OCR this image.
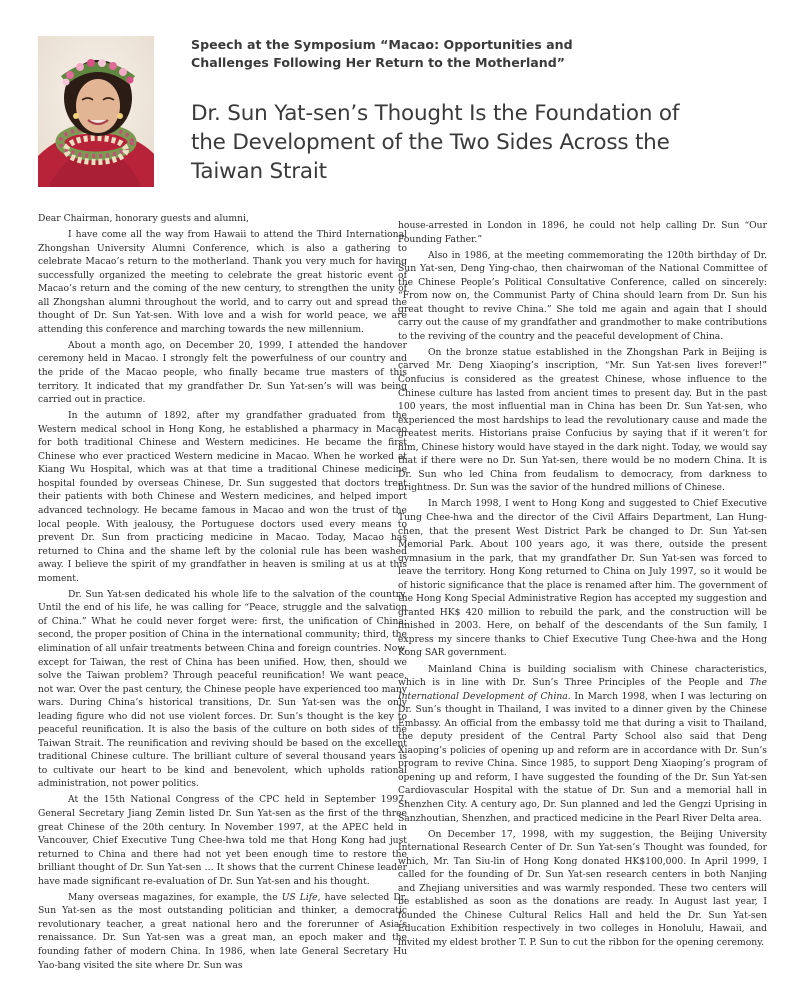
Speech at the Symposium “Macao: Opportunities and
Challenges Following Her Return to the Motherland”
Dr. Sun Yat-sen’s Thought Is the Foundation of
the Development of the Two Sides Across the
Taiwan Strait

Dear Chairman, honorary guests and alumni,

I have come all the way from Hawaii to attend the Third International Zhongshan University Alumni Conference, which is also a gathering to celebrate Macao’s return to the motherland. Thank you very much for having successfully organized the meeting to celebrate the great historic event of Macao’s return and the coming of the new century, to strengthen the unity of all Zhongshan alumni throughout the world, and to carry out and spread the thought of Dr. Sun Yat-sen. With love and a wish for world peace, we are attending this conference and marching towards the new millennium.

About a month ago, on December 20, 1999, I attended the handover ceremony held in Macao. I strongly felt the powerfulness of our country and the pride of the Macao people, who finally became true masters of this territory. It indicated that my grandfather Dr. Sun Yat-sen’s will was being carried out in practice.

In the autumn of 1892, after my grandfather graduated from the Western medical school in Hong Kong, he established a pharmacy in Macao for both traditional Chinese and Western medicines. He became the first Chinese who ever practiced Western medicine in Macao. When he worked at Kiang Wu Hospital, which was at that time a traditional Chinese medicine hospital founded by overseas Chinese, Dr. Sun suggested that doctors treat their patients with both Chinese and Western medicines, and helped import advanced technology. He became famous in Macao and won the trust of the local people. With jealousy, the Portuguese doctors used every means to prevent Dr. Sun from practicing medicine in Macao. Today, Macao has returned to China and the shame left by the colonial rule has been washed away. I believe the spirit of my grandfather in heaven is smiling at us at this moment.

Dr. Sun Yat-sen dedicated his whole life to the salvation of the country. Until the end of his life, he was calling for “Peace, struggle and the salvation of China.” What he could never forget were: first, the unification of China; second, the proper position of China in the international community; third, the elimination of all unfair treatments between China and foreign countries. Now, except for Taiwan, the rest of China has been unified. How, then, should we solve the Taiwan problem? Through peaceful reunification! We want peace, not war. Over the past century, the Chinese people have experienced too many wars. During China’s historical transitions, Dr. Sun Yat-sen was the only leading figure who did not use violent forces. Dr. Sun’s thought is the key to peaceful reunification. It is also the basis of the culture on both sides of the Taiwan Strait. The reunification and reviving should be based on the excellent traditional Chinese culture. The brilliant culture of several thousand years is to cultivate our heart to be kind and benevolent, which upholds rational administration, not power politics.

At the 15th National Congress of the CPC held in September 1997, General Secretary Jiang Zemin listed Dr. Sun Yat-sen as the first of the three great Chinese of the 20th century. In November 1997, at the APEC held in Vancouver, Chief Executive Tung Chee-hwa told me that Hong Kong had just returned to China and there had not yet been enough time to restore the brilliant thought of Dr. Sun Yat-sen … It shows that the current Chinese leader have made significant re-evaluation of Dr. Sun Yat-sen and his thought.

Many overseas magazines, for example, the US Life, have selected Dr. Sun Yat-sen as the most outstanding politician and thinker, a democratic revolutionary teacher, a great national hero and the forerunner of Asia’s renaissance. Dr. Sun Yat-sen was a great man, an epoch maker and the founding father of modern China. In 1986, when late General Secretary Hu Yao-bang visited the site where Dr. Sun was

house-arrested in London in 1896, he could not help calling Dr. Sun “Our Founding Father.”

Also in 1986, at the meeting commemorating the 120th birthday of Dr. Sun Yat-sen, Deng Ying-chao, then chairwoman of the National Committee of the Chinese People’s Political Consultative Conference, called on sincerely: “From now on, the Communist Party of China should learn from Dr. Sun his great thought to revive China.” She told me again and again that I should carry out the cause of my grandfather and grandmother to make contributions to the reviving of the country and the peaceful development of China.

On the bronze statue established in the Zhongshan Park in Beijing is carved Mr. Deng Xiaoping’s inscription, “Mr. Sun Yat-sen lives forever!” Confucius is considered as the greatest Chinese, whose influence to the Chinese culture has lasted from ancient times to present day. But in the past 100 years, the most influential man in China has been Dr. Sun Yat-sen, who experienced the most hardships to lead the revolutionary cause and made the greatest merits. Historians praise Confucius by saying that if it weren’t for him, Chinese history would have stayed in the dark night. Today, we would say that if there were no Dr. Sun Yat-sen, there would be no modern China. It is Dr. Sun who led China from feudalism to democracy, from darkness to brightness. Dr. Sun was the savior of the hundred millions of Chinese.

In March 1998, I went to Hong Kong and suggested to Chief Executive Tung Chee-hwa and the director of the Civil Affairs Department, Lan Hung-chen, that the present West District Park be changed to Dr. Sun Yat-sen Memorial Park. About 100 years ago, it was there, outside the present gymnasium in the park, that my grandfather Dr. Sun Yat-sen was forced to leave the territory. Hong Kong returned to China on July 1997, so it would be of historic significance that the place is renamed after him. The government of the Hong Kong Special Administrative Region has accepted my suggestion and granted HK$ 420 million to rebuild the park, and the construction will be finished in 2003. Here, on behalf of the descendants of the Sun family, I express my sincere thanks to Chief Executive Tung Chee-hwa and the Hong Kong SAR government.

Mainland China is building socialism with Chinese characteristics, which is in line with Dr. Sun’s Three Principles of the People and The International Development of China. In March 1998, when I was lecturing on Dr. Sun’s thought in Thailand, I was invited to a dinner given by the Chinese Embassy. An official from the embassy told me that during a visit to Thailand, the deputy president of the Central Party School also said that Deng Xiaoping’s policies of opening up and reform are in accordance with Dr. Sun’s program to revive China. Since 1985, to support Deng Xiaoping’s program of opening up and reform, I have suggested the founding of the Dr. Sun Yat-sen Cardiovascular Hospital with the statue of Dr. Sun and a memorial hall in Shenzhen City. A century ago, Dr. Sun planned and led the Gengzi Uprising in Sanzhoutian, Shenzhen, and practiced medicine in the Pearl River Delta area.

On December 17, 1998, with my suggestion, the Beijing University International Research Center of Dr. Sun Yat-sen’s Thought was founded, for which, Mr. Tan Siu-lin of Hong Kong donated HK$100,000. In April 1999, I called for the founding of Dr. Sun Yat-sen research centers in both Nanjing and Zhejiang universities and was warmly responded. These two centers will be established as soon as the donations are ready. In August last year, I founded the Chinese Cultural Relics Hall and held the Dr. Sun Yat-sen Education Exhibition respectively in two colleges in Honolulu, Hawaii, and invited my eldest brother T. P. Sun to cut the ribbon for the opening ceremony.
